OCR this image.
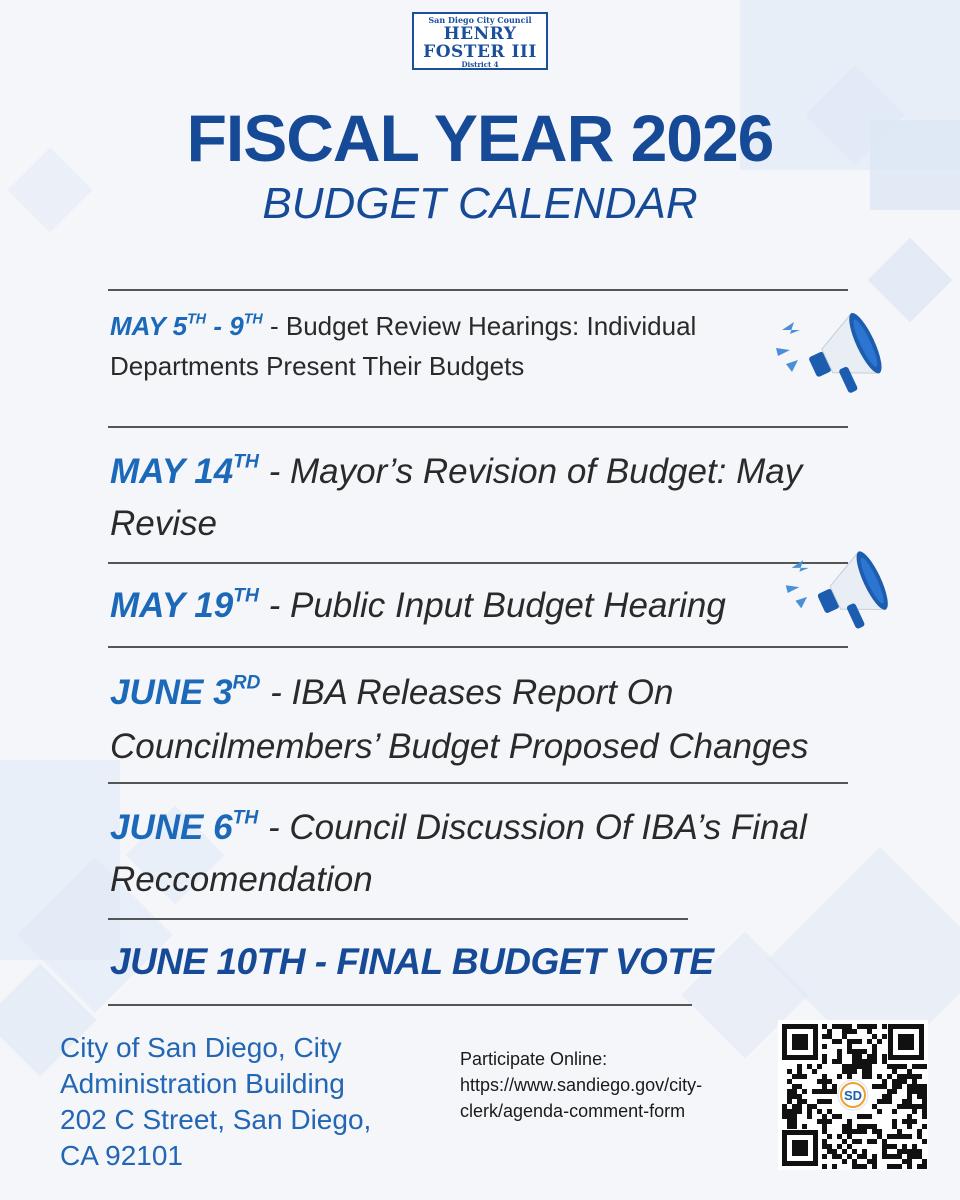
San Diego City Council
HENRY
FOSTER III
District 4
FISCAL YEAR 2026
BUDGET CALENDAR
MAY 5TH - 9TH - Budget Review Hearings: Individual Departments Present Their Budgets
MAY 14TH - Mayor’s Revision of Budget: May Revise
MAY 19TH - Public Input Budget Hearing
JUNE 3RD - IBA Releases Report On Councilmembers’ Budget Proposed Changes
JUNE 6TH - Council Discussion Of IBA’s Final Reccomendation
JUNE 10TH - FINAL BUDGET VOTE
City of San Diego, City
Administration Building
202 C Street, San Diego,
CA 92101
Participate Online:
https://www.sandiego.gov/city-
clerk/agenda-comment-form
SD
